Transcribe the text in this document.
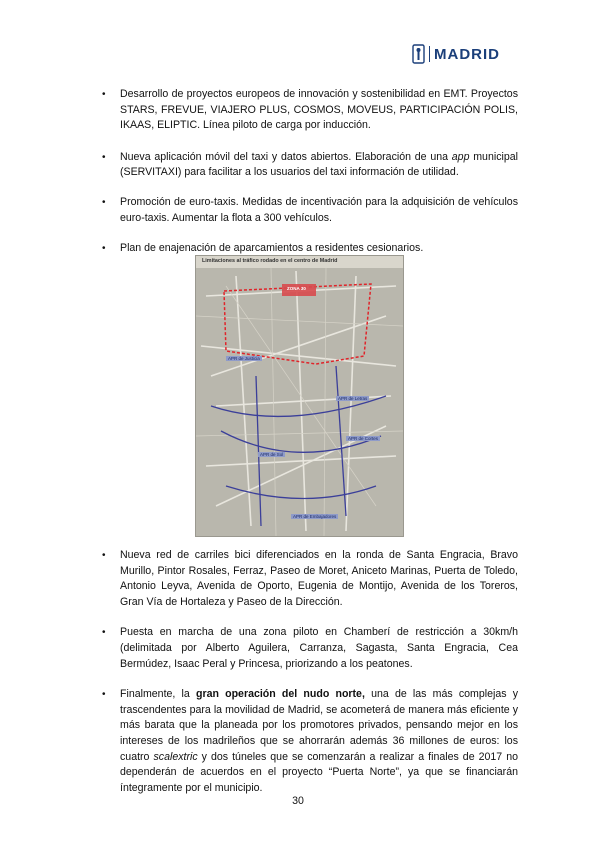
MADRID
• Desarrollo de proyectos europeos de innovación y sostenibilidad en EMT. Proyectos STARS, FREVUE, VIAJERO PLUS, COSMOS, MOVEUS, PARTICIPACIÓN POLIS, IKAAS, ELIPTIC. Línea piloto de carga por inducción.
• Nueva aplicación móvil del taxi y datos abiertos. Elaboración de una app municipal (SERVITAXI) para facilitar a los usuarios del taxi información de utilidad.
• Promoción de euro-taxis. Medidas de incentivación para la adquisición de vehículos euro-taxis. Aumentar la flota a 300 vehículos.
• Plan de enajenación de aparcamientos a residentes cesionarios.
Limitaciones al tráfico rodado en el centro de Madrid
ZONA 30
APR de Justicia
APR de Letras
APR de Sol
APR de Cortes
APR de Embajadores
• Nueva red de carriles bici diferenciados en la ronda de Santa Engracia, Bravo Murillo, Pintor Rosales, Ferraz, Paseo de Moret, Aniceto Marinas, Puerta de Toledo, Antonio Leyva, Avenida de Oporto, Eugenia de Montijo, Avenida de los Toreros, Gran Vía de Hortaleza y Paseo de la Dirección.
• Puesta en marcha de una zona piloto en Chamberí de restricción a 30km/h (delimitada por Alberto Aguilera, Carranza, Sagasta, Santa Engracia, Cea Bermúdez, Isaac Peral y Princesa, priorizando a los peatones.
• Finalmente, la gran operación del nudo norte, una de las más complejas y trascendentes para la movilidad de Madrid, se acometerá de manera más eficiente y más barata que la planeada por los promotores privados, pensando mejor en los intereses de los madrileños que se ahorrarán además 36 millones de euros: los cuatro scalextric y dos túneles que se comenzarán a realizar a finales de 2017 no dependerán de acuerdos en el proyecto “Puerta Norte”, ya que se financiarán íntegramente por el municipio.
30
